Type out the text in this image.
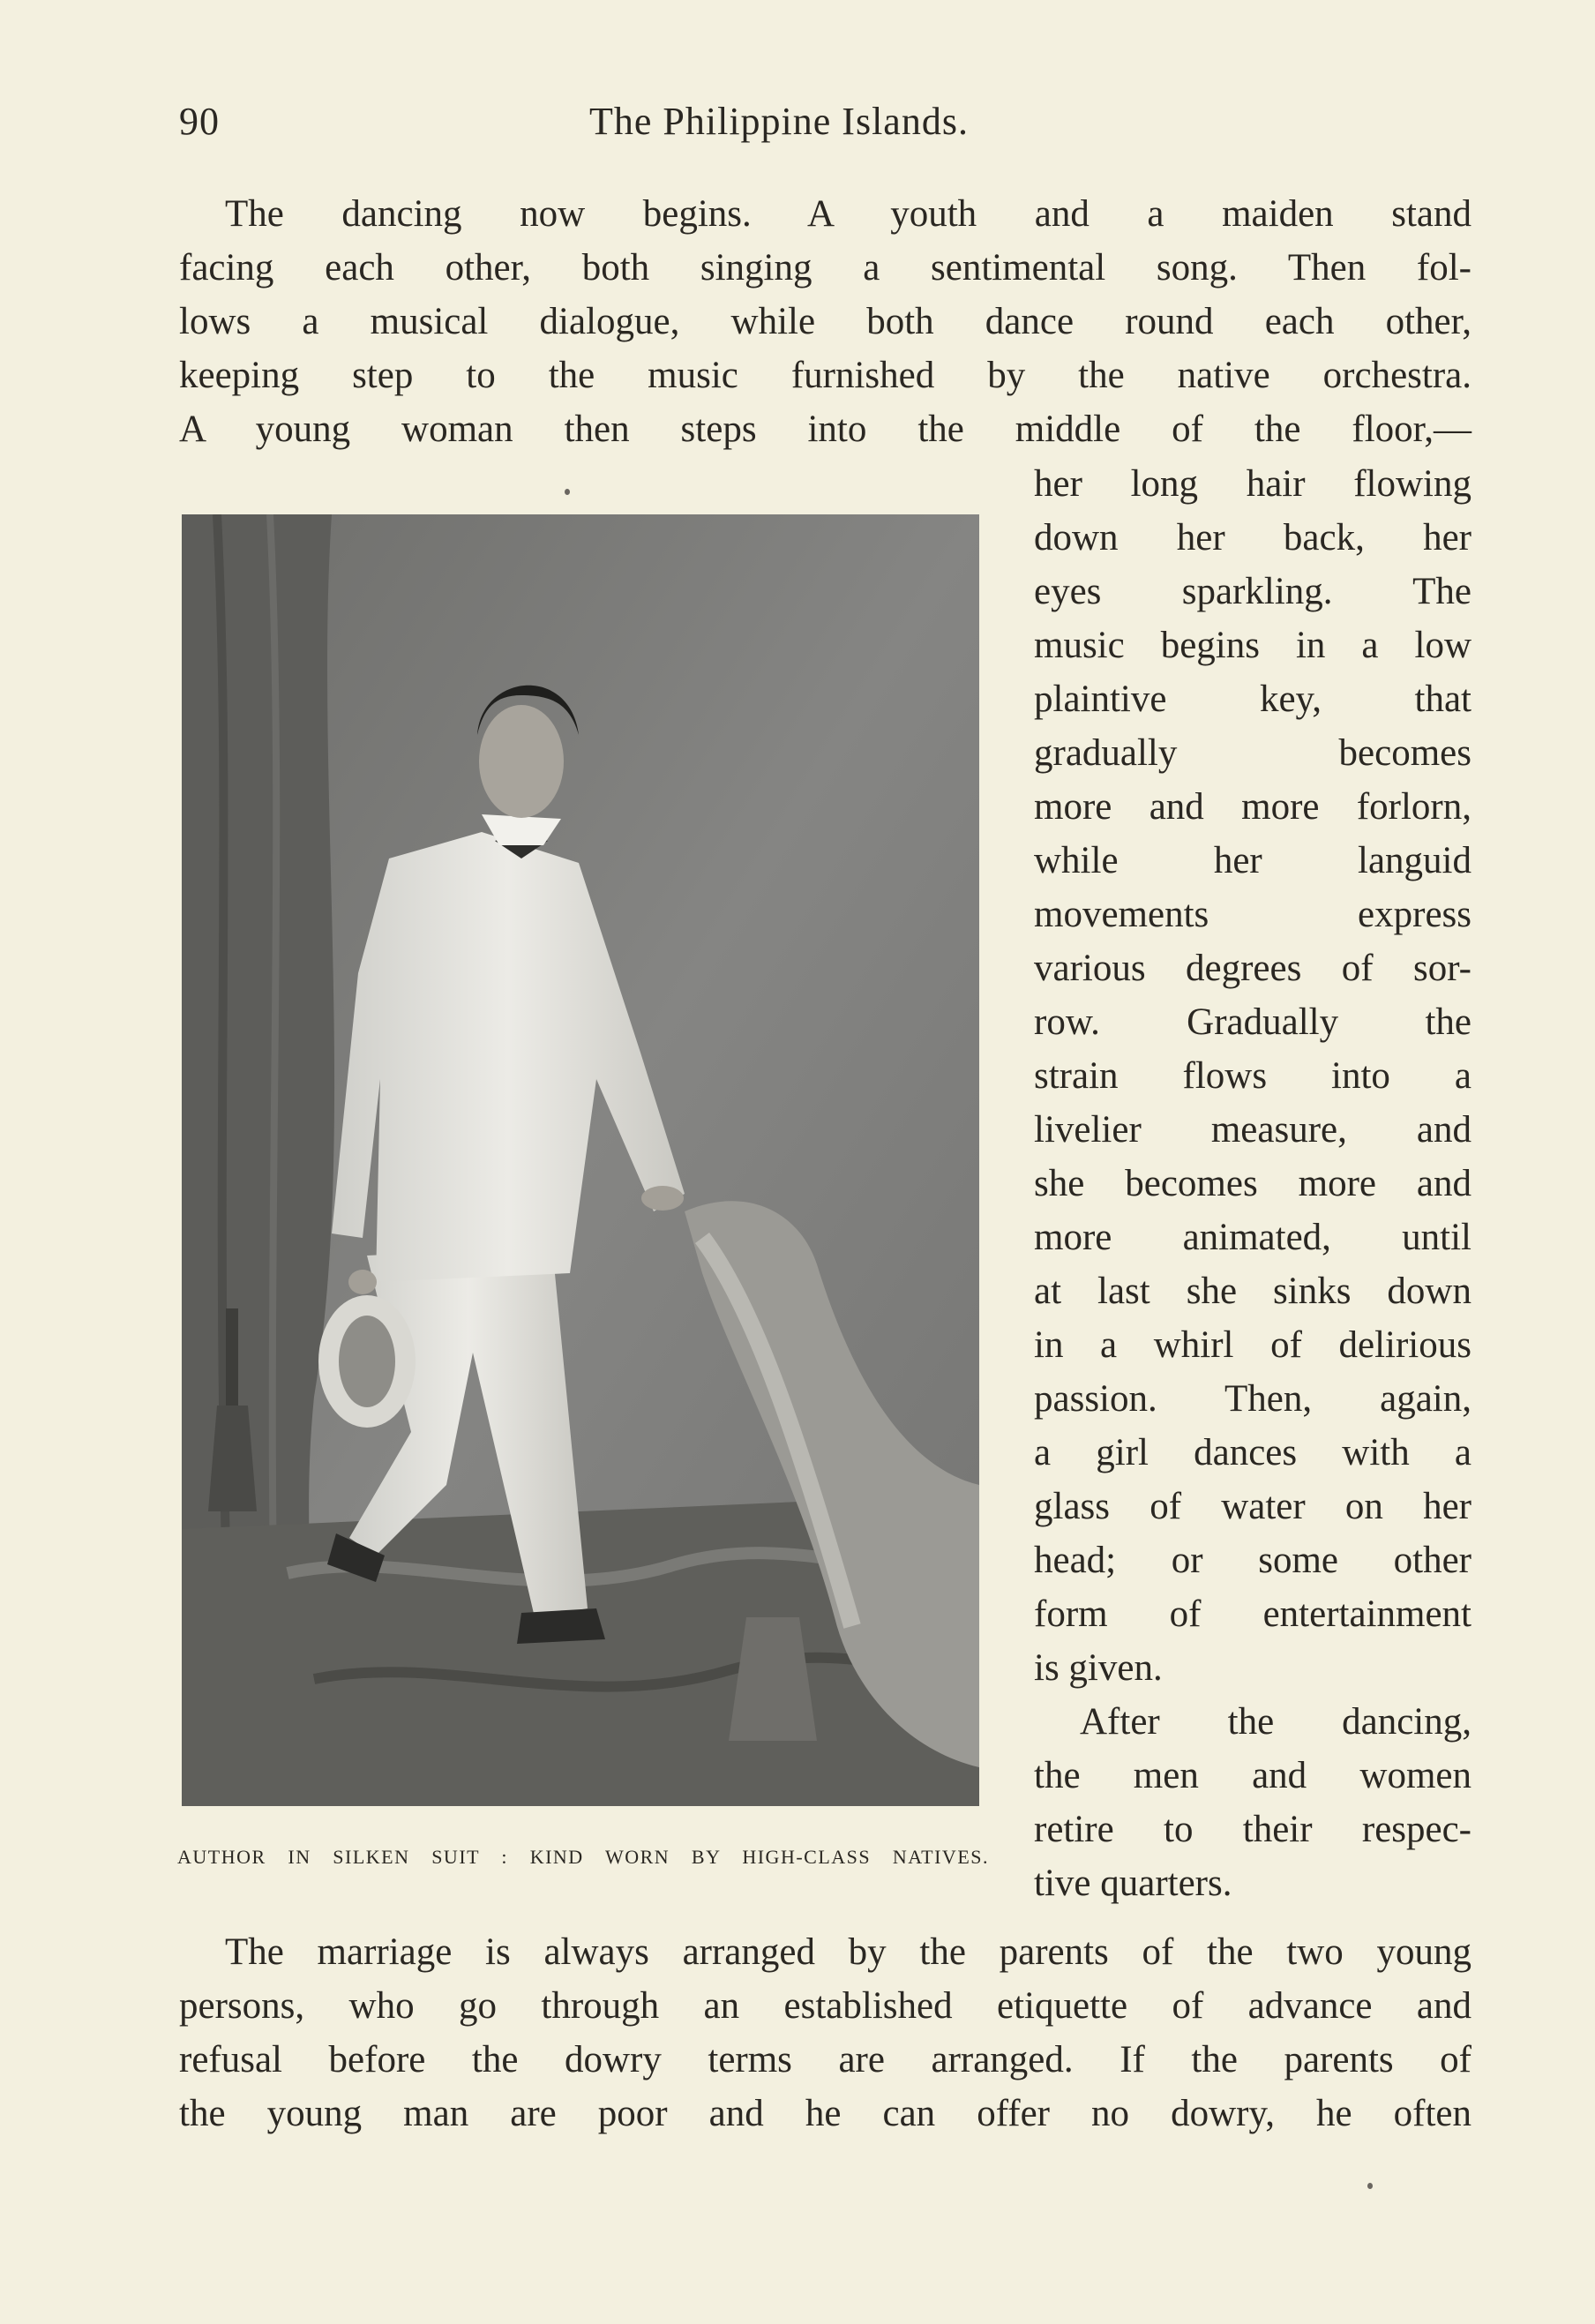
90	The Philippine Islands.
The dancing now begins. A youth and a maiden stand
facing each other, both singing a sentimental song. Then fol-
lows a musical dialogue, while both dance round each other,
keeping step to the music furnished by the native orchestra.
A young woman then steps into the middle of the floor,—
her long hair flowing
down her back, her
eyes sparkling. The
music begins in a low
plaintive key, that
gradually becomes
more and more forlorn,
while her languid
movements express
various degrees of sor-
row. Gradually the
strain flows into a
livelier measure, and
she becomes more and
more animated, until
at last she sinks down
in a whirl of delirious
passion. Then, again,
a girl dances with a
glass of water on her
head; or some other
form of entertainment
is given.
After the dancing,
the men and women
retire to their respec-
tive quarters.
AUTHOR IN SILKEN SUIT : KIND WORN BY HIGH-CLASS NATIVES.
The marriage is always arranged by the parents of the two young
persons, who go through an established etiquette of advance and
refusal before the dowry terms are arranged. If the parents of
the young man are poor and he can offer no dowry, he often
